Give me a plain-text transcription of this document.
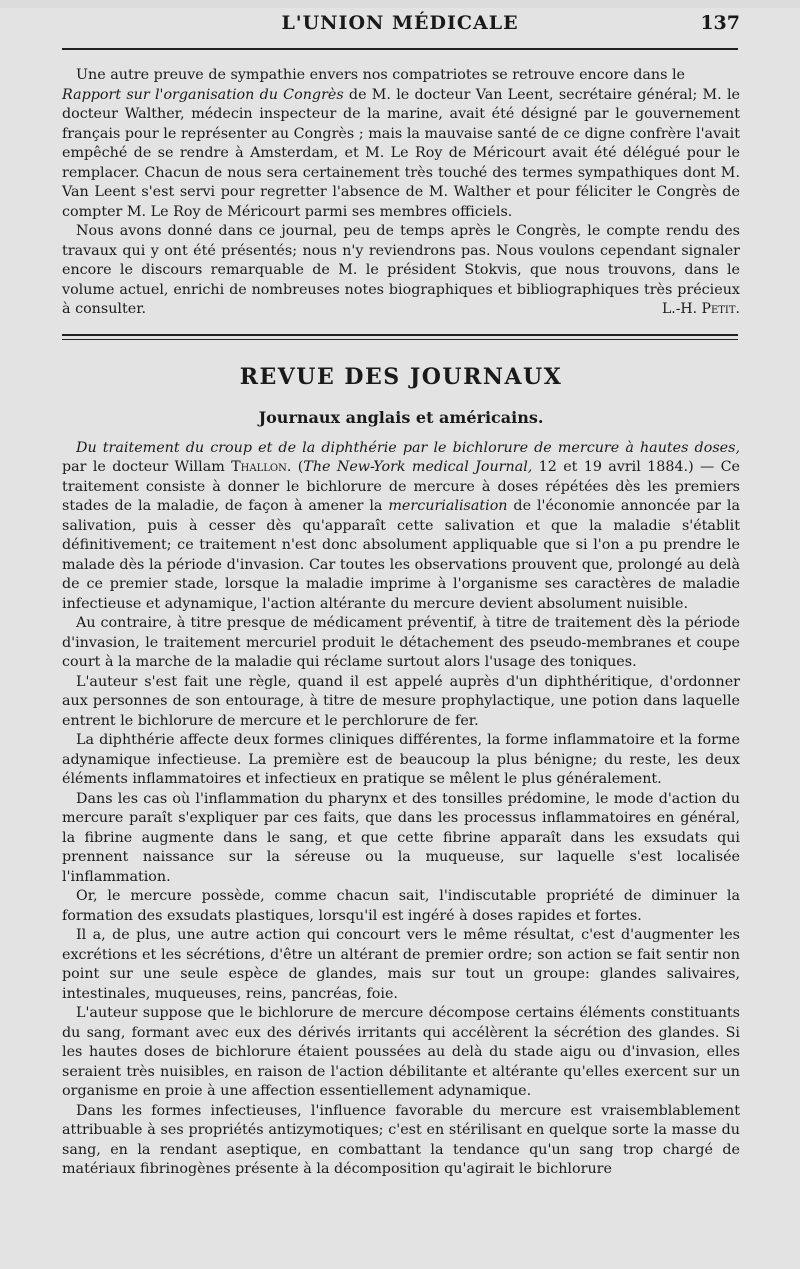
L'UNION MÉDICALE	137

Une autre preuve de sympathie envers nos compatriotes se retrouve encore dans le
Rapport sur l'organisation du Congrès de M. le docteur Van Leent, secrétaire général; M. le docteur Walther, médecin inspecteur de la marine, avait été désigné par le gouvernement français pour le représenter au Congrès ; mais la mauvaise santé de ce digne confrère l'avait empêché de se rendre à Amsterdam, et M. Le Roy de Méricourt avait été délégué pour le remplacer. Chacun de nous sera certainement très touché des termes sympathiques dont M. Van Leent s'est servi pour regretter l'absence de M. Walther et pour féliciter le Congrès de compter M. Le Roy de Méricourt parmi ses membres officiels.

Nous avons donné dans ce journal, peu de temps après le Congrès, le compte rendu des travaux qui y ont été présentés; nous n'y reviendrons pas. Nous voulons cependant signaler encore le discours remarquable de M. le président Stokvis, que nous trouvons, dans le volume actuel, enrichi de nombreuses notes biographiques et bibliographiques très précieux à consulter.	L.-H. Petit.

REVUE DES JOURNAUX
Journaux anglais et américains.

Du traitement du croup et de la diphthérie par le bichlorure de mercure à hautes doses, par le docteur Willam Thallon. (The New-York medical Journal, 12 et 19 avril 1884.) — Ce traitement consiste à donner le bichlorure de mercure à doses répétées dès les premiers stades de la maladie, de façon à amener la mercurialisation de l'économie annoncée par la salivation, puis à cesser dès qu'apparaît cette salivation et que la maladie s'établit définitivement; ce traitement n'est donc absolument appliquable que si l'on a pu prendre le malade dès la période d'invasion. Car toutes les observations prouvent que, prolongé au delà de ce premier stade, lorsque la maladie imprime à l'organisme ses caractères de maladie infectieuse et adynamique, l'action altérante du mercure devient absolument nuisible.

Au contraire, à titre presque de médicament préventif, à titre de traitement dès la période d'invasion, le traitement mercuriel produit le détachement des pseudo-membranes et coupe court à la marche de la maladie qui réclame surtout alors l'usage des toniques.

L'auteur s'est fait une règle, quand il est appelé auprès d'un diphthéritique, d'ordonner aux personnes de son entourage, à titre de mesure prophylactique, une potion dans laquelle entrent le bichlorure de mercure et le perchlorure de fer.

La diphthérie affecte deux formes cliniques différentes, la forme inflammatoire et la forme adynamique infectieuse. La première est de beaucoup la plus bénigne; du reste, les deux éléments inflammatoires et infectieux en pratique se mêlent le plus généralement.

Dans les cas où l'inflammation du pharynx et des tonsilles prédomine, le mode d'action du mercure paraît s'expliquer par ces faits, que dans les processus inflammatoires en général, la fibrine augmente dans le sang, et que cette fibrine apparaît dans les exsudats qui prennent naissance sur la séreuse ou la muqueuse, sur laquelle s'est localisée l'inflammation.

Or, le mercure possède, comme chacun sait, l'indiscutable propriété de diminuer la formation des exsudats plastiques, lorsqu'il est ingéré à doses rapides et fortes.

Il a, de plus, une autre action qui concourt vers le même résultat, c'est d'augmenter les excrétions et les sécrétions, d'être un altérant de premier ordre; son action se fait sentir non point sur une seule espèce de glandes, mais sur tout un groupe: glandes salivaires, intestinales, muqueuses, reins, pancréas, foie.

L'auteur suppose que le bichlorure de mercure décompose certains éléments constituants du sang, formant avec eux des dérivés irritants qui accélèrent la sécrétion des glandes. Si les hautes doses de bichlorure étaient poussées au delà du stade aigu ou d'invasion, elles seraient très nuisibles, en raison de l'action débilitante et altérante qu'elles exercent sur un organisme en proie à une affection essentiellement adynamique.

Dans les formes infectieuses, l'influence favorable du mercure est vraisemblablement attribuable à ses propriétés antizymotiques; c'est en stérilisant en quelque sorte la masse du sang, en la rendant aseptique, en combattant la tendance qu'un sang trop chargé de matériaux fibrinogènes présente à la décomposition qu'agirait le bichlorure
